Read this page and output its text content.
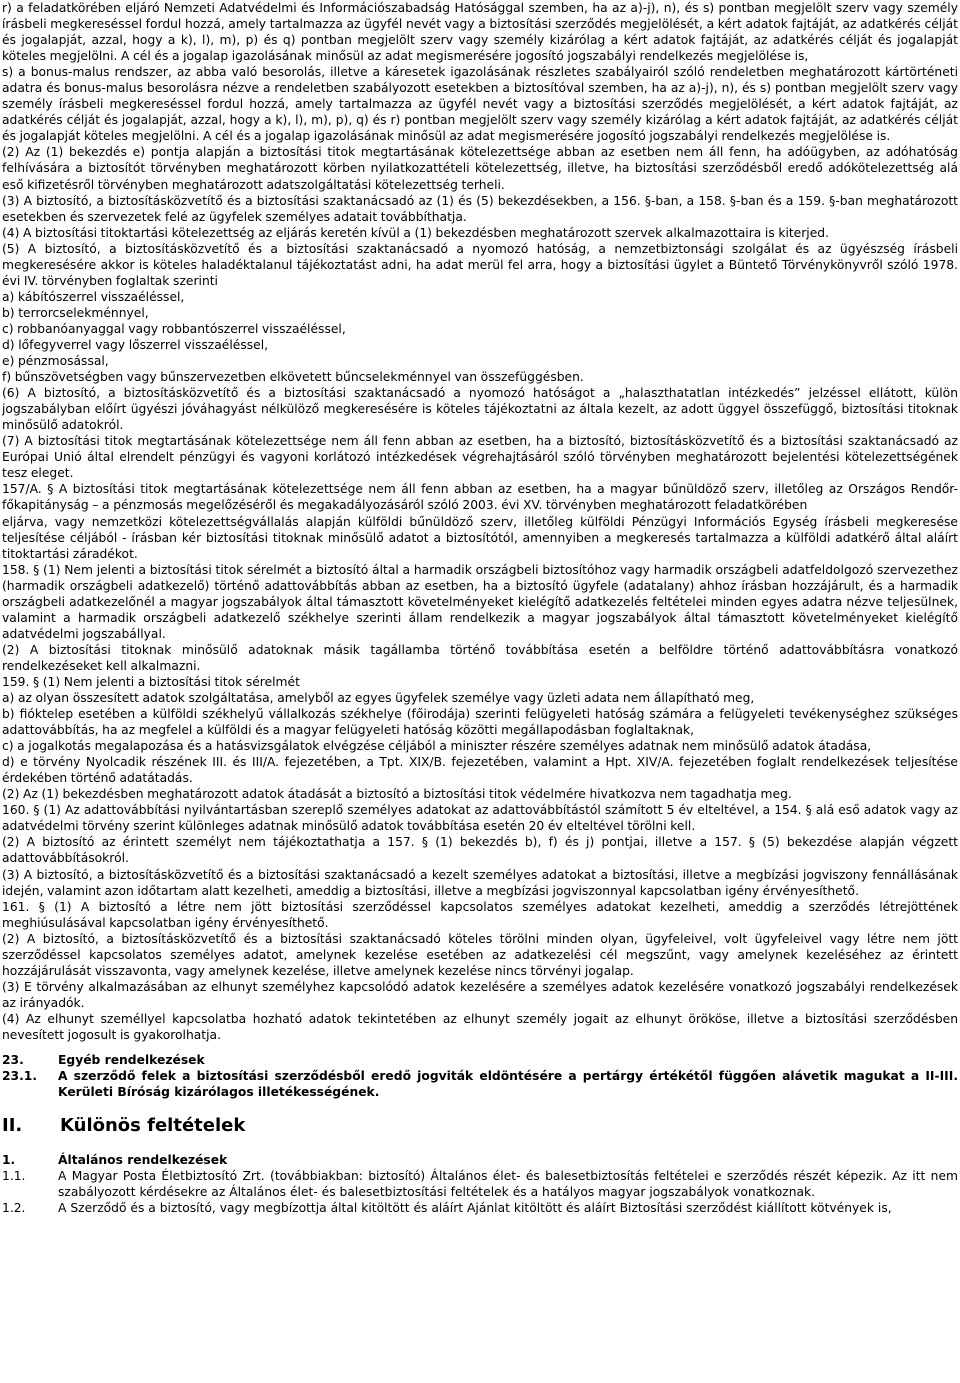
r) a feladatkörében eljáró Nemzeti Adatvédelmi és Információszabadság Hatósággal szemben, ha az a)-j), n), és s) pontban megjelölt szerv vagy személy írásbeli megkereséssel fordul hozzá, amely tartalmazza az ügyfél nevét vagy a biztosítási szerződés megjelölését, a kért adatok fajtáját, az adatkérés célját és jogalapját, azzal, hogy a k), l), m), p) és q) pontban megjelölt szerv vagy személy kizárólag a kért adatok fajtáját, az adatkérés célját és jogalapját köteles megjelölni. A cél és a jogalap igazolásának minősül az adat megismerésére jogosító jogszabályi rendelkezés megjelölése is,

s) a bonus-malus rendszer, az abba való besorolás, illetve a káresetek igazolásának részletes szabályairól szóló rendeletben meghatározott kártörténeti adatra és bonus-malus besorolásra nézve a rendeletben szabályozott esetekben a biztosítóval szemben, ha az a)-j), n), és s) pontban megjelölt szerv vagy személy írásbeli megkereséssel fordul hozzá, amely tartalmazza az ügyfél nevét vagy a biztosítási szerződés megjelölését, a kért adatok fajtáját, az adatkérés célját és jogalapját, azzal, hogy a k), l), m), p), q) és r) pontban megjelölt szerv vagy személy kizárólag a kért adatok fajtáját, az adatkérés célját és jogalapját köteles megjelölni. A cél és a jogalap igazolásának minősül az adat megismerésére jogosító jogszabályi rendelkezés megjelölése is.

(2) Az (1) bekezdés e) pontja alapján a biztosítási titok megtartásának kötelezettsége abban az esetben nem áll fenn, ha adóügyben, az adóhatóság felhívására a biztosítót törvényben meghatározott körben nyilatkozattételi kötelezettség, illetve, ha biztosítási szerződésből eredő adókötelezettség alá eső kifizetésről törvényben meghatározott adatszolgáltatási kötelezettség terheli.

(3) A biztosító, a biztosításközvetítő és a biztosítási szaktanácsadó az (1) és (5) bekezdésekben, a 156. §-ban, a 158. §-ban és a 159. §-ban meghatározott esetekben és szervezetek felé az ügyfelek személyes adatait továbbíthatja.

(4) A biztosítási titoktartási kötelezettség az eljárás keretén kívül a (1) bekezdésben meghatározott szervek alkalmazottaira is kiterjed.

(5) A biztosító, a biztosításközvetítő és a biztosítási szaktanácsadó a nyomozó hatóság, a nemzetbiztonsági szolgálat és az ügyészség írásbeli megkeresésére akkor is köteles haladéktalanul tájékoztatást adni, ha adat merül fel arra, hogy a biztosítási ügylet a Büntető Törvénykönyvről szóló 1978. évi IV. törvényben foglaltak szerinti

a) kábítószerrel visszaéléssel,

b) terrorcselekménnyel,

c) robbanóanyaggal vagy robbantószerrel visszaéléssel,

d) lőfegyverrel vagy lőszerrel visszaéléssel,

e) pénzmosással,

f) bűnszövetségben vagy bűnszervezetben elkövetett bűncselekménnyel van összefüggésben.

(6) A biztosító, a biztosításközvetítő és a biztosítási szaktanácsadó a nyomozó hatóságot a „halaszthatatlan intézkedés” jelzéssel ellátott, külön jogszabályban előírt ügyészi jóváhagyást nélkülöző megkeresésére is köteles tájékoztatni az általa kezelt, az adott üggyel összefüggő, biztosítási titoknak minősülő adatokról.

(7) A biztosítási titok megtartásának kötelezettsége nem áll fenn abban az esetben, ha a biztosító, biztosításközvetítő és a biztosítási szaktanácsadó az Európai Unió által elrendelt pénzügyi és vagyoni korlátozó intézkedések végrehajtásáról szóló törvényben meghatározott bejelentési kötelezettségének tesz eleget.

157/A. § A biztosítási titok megtartásának kötelezettsége nem áll fenn abban az esetben, ha a magyar bűnüldöző szerv, illetőleg az Országos Rendőr-főkapitányság – a pénzmosás megelőzéséről és megakadályozásáról szóló 2003. évi XV. törvényben meghatározott feladatkörében

eljárva, vagy nemzetközi kötelezettségvállalás alapján külföldi bűnüldöző szerv, illetőleg külföldi Pénzügyi Információs Egység írásbeli megkeresése teljesítése céljából - írásban kér biztosítási titoknak minősülő adatot a biztosítótól, amennyiben a megkeresés tartalmazza a külföldi adatkérő által aláírt titoktartási záradékot.

158. § (1) Nem jelenti a biztosítási titok sérelmét a biztosító által a harmadik országbeli biztosítóhoz vagy harmadik országbeli adatfeldolgozó szervezethez (harmadik országbeli adatkezelő) történő adattovábbítás abban az esetben, ha a biztosító ügyfele (adatalany) ahhoz írásban hozzájárult, és a harmadik országbeli adatkezelőnél a magyar jogszabályok által támasztott követelményeket kielégítő adatkezelés feltételei minden egyes adatra nézve teljesülnek, valamint a harmadik országbeli adatkezelő székhelye szerinti állam rendelkezik a magyar jogszabályok által támasztott követelményeket kielégítő adatvédelmi jogszabállyal.

(2) A biztosítási titoknak minősülő adatoknak másik tagállamba történő továbbítása esetén a belföldre történő adattovábbításra vonatkozó rendelkezéseket kell alkalmazni.

159. § (1) Nem jelenti a biztosítási titok sérelmét

a) az olyan összesített adatok szolgáltatása, amelyből az egyes ügyfelek személye vagy üzleti adata nem állapítható meg,

b) fióktelep esetében a külföldi székhelyű vállalkozás székhelye (főirodája) szerinti felügyeleti hatóság számára a felügyeleti tevékenységhez szükséges adattovábbítás, ha az megfelel a külföldi és a magyar felügyeleti hatóság közötti megállapodásban foglaltaknak,

c) a jogalkotás megalapozása és a hatásvizsgálatok elvégzése céljából a miniszter részére személyes adatnak nem minősülő adatok átadása,

d) e törvény Nyolcadik részének III. és III/A. fejezetében, a Tpt. XIX/B. fejezetében, valamint a Hpt. XIV/A. fejezetében foglalt rendelkezések teljesítése érdekében történő adatátadás.

(2) Az (1) bekezdésben meghatározott adatok átadását a biztosító a biztosítási titok védelmére hivatkozva nem tagadhatja meg.

160. § (1) Az adattovábbítási nyilvántartásban szereplő személyes adatokat az adattovábbítástól számított 5 év elteltével, a 154. § alá eső adatok vagy az adatvédelmi törvény szerint különleges adatnak minősülő adatok továbbítása esetén 20 év elteltével törölni kell.

(2) A biztosító az érintett személyt nem tájékoztathatja a 157. § (1) bekezdés b), f) és j) pontjai, illetve a 157. § (5) bekezdése alapján végzett adattovábbításokról.

(3) A biztosító, a biztosításközvetítő és a biztosítási szaktanácsadó a kezelt személyes adatokat a biztosítási, illetve a megbízási jogviszony fennállásának idején, valamint azon időtartam alatt kezelheti, ameddig a biztosítási, illetve a megbízási jogviszonnyal kapcsolatban igény érvényesíthető.

161. § (1) A biztosító a létre nem jött biztosítási szerződéssel kapcsolatos személyes adatokat kezelheti, ameddig a szerződés létrejöttének meghiúsulásával kapcsolatban igény érvényesíthető.

(2) A biztosító, a biztosításközvetítő és a biztosítási szaktanácsadó köteles törölni minden olyan, ügyfeleivel, volt ügyfeleivel vagy létre nem jött szerződéssel kapcsolatos személyes adatot, amelynek kezelése esetében az adatkezelési cél megszűnt, vagy amelynek kezeléséhez az érintett hozzájárulását visszavonta, vagy amelynek kezelése, illetve amelynek kezelése nincs törvényi jogalap.

(3) E törvény alkalmazásában az elhunyt személyhez kapcsolódó adatok kezelésére a személyes adatok kezelésére vonatkozó jogszabályi rendelkezések az irányadók.

(4) Az elhunyt személlyel kapcsolatba hozható adatok tekintetében az elhunyt személy jogait az elhunyt örököse, illetve a biztosítási szerződésben nevesített jogosult is gyakorolhatja.

23.	Egyéb rendelkezések
23.1.	A szerződő felek a biztosítási szerződésből eredő jogviták eldöntésére a pertárgy értékétől függően alávetik magukat a II-III. Kerületi Bíróság kizárólagos illetékességének.
II.	Különös feltételek
1.	Általános rendelkezések
1.1.	A Magyar Posta Életbiztosító Zrt. (továbbiakban: biztosító) Általános élet- és balesetbiztosítás feltételei e szerződés részét képezik. Az itt nem szabályozott kérdésekre az Általános élet- és balesetbiztosítási feltételek és a hatályos magyar jogszabályok vonatkoznak.
1.2.	A Szerződő és a biztosító, vagy megbízottja által kitöltött és aláírt Ajánlat kitöltött és aláírt Biztosítási szerződést kiállított kötvények is,
